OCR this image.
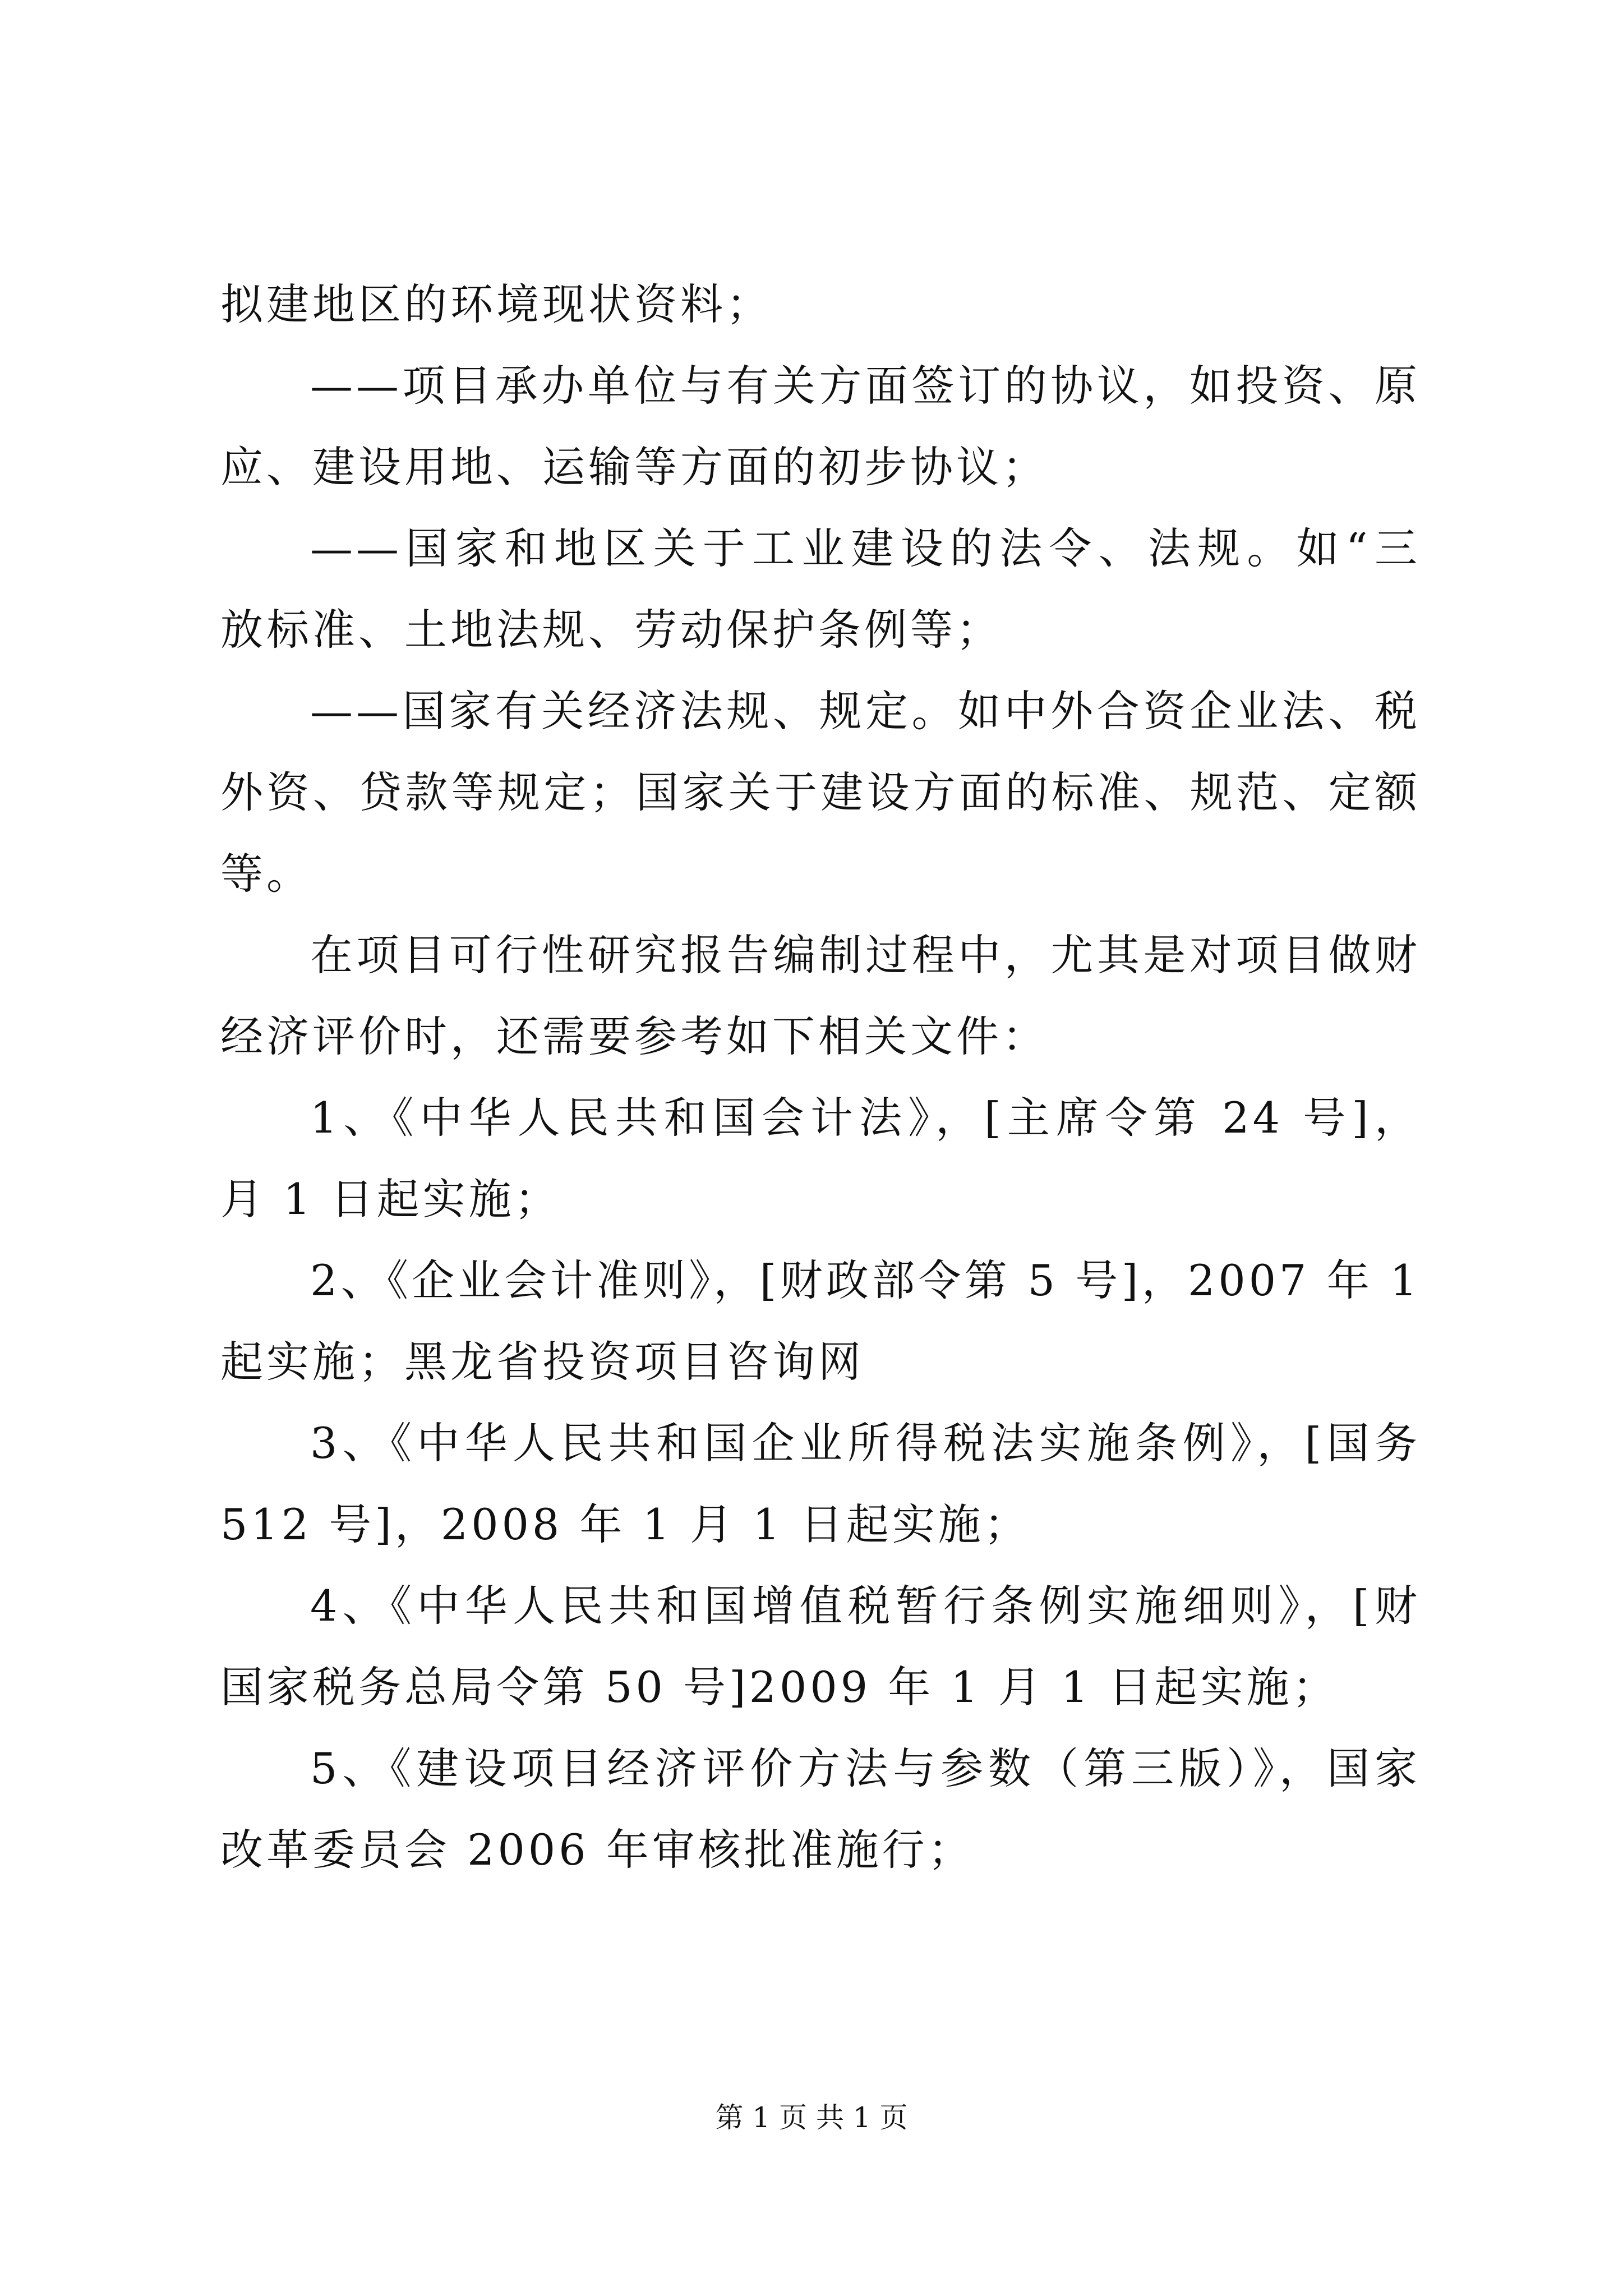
拟建地区的环境现状资料；
——项目承办单位与有关方面签订的协议，如投资、原
应、建设用地、运输等方面的初步协议；
——国家和地区关于工业建设的法令、法规。如“三
放标准、土地法规、劳动保护条例等；
——国家有关经济法规、规定。如中外合资企业法、税
外资、贷款等规定；国家关于建设方面的标准、规范、定额
等。
在项目可行性研究报告编制过程中，尤其是对项目做财
经济评价时，还需要参考如下相关文件：
1、《中华人民共和国会计法》，[主席令第 24 号]，
月 1 日起实施；
2、《企业会计准则》，[财政部令第 5 号]，2007 年 1
起实施；黑龙省投资项目咨询网
3、《中华人民共和国企业所得税法实施条例》，[国务
512 号]，2008 年 1 月 1 日起实施；
4、《中华人民共和国增值税暂行条例实施细则》，[财
国家税务总局令第 50 号]2009 年 1 月 1 日起实施；
5、《建设项目经济评价方法与参数（第三版）》，国家
改革委员会 2006 年审核批准施行；
第 1 页 共 1 页
